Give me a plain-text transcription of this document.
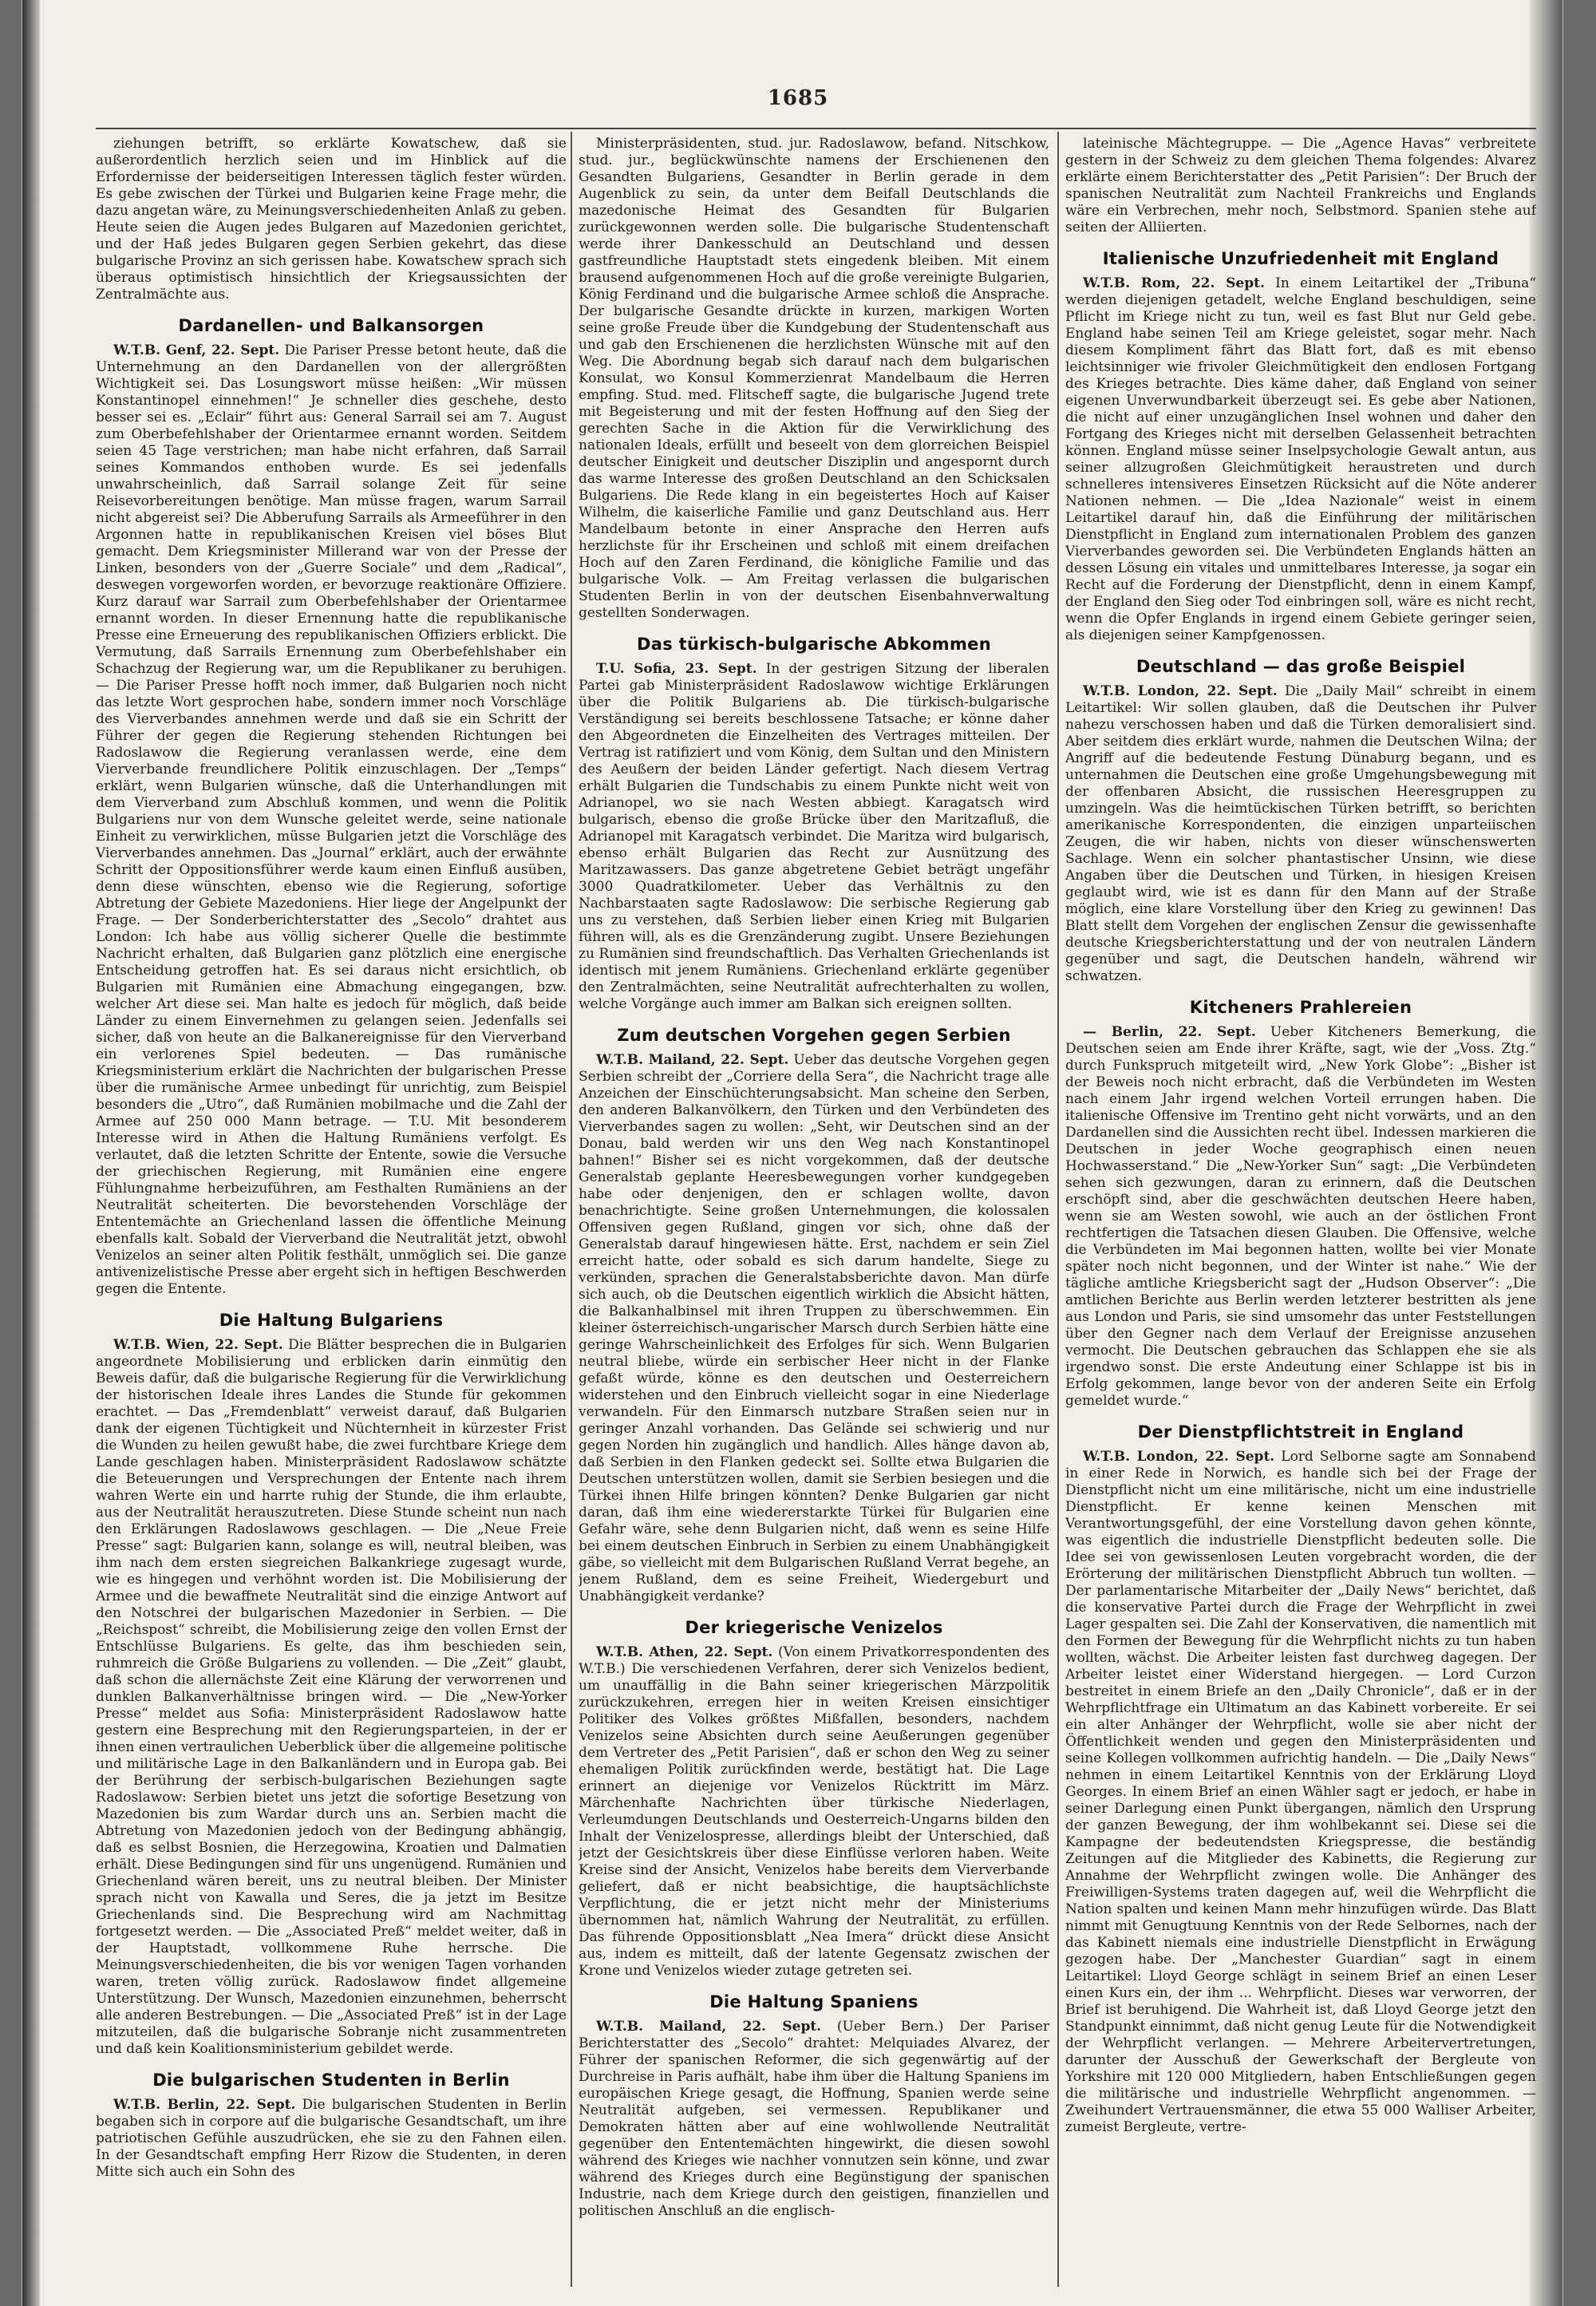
1685

ziehungen betrifft, so erklärte Kowatschew, daß sie außerordentlich herzlich seien und im Hinblick auf die Erfordernisse der beiderseitigen Interessen täglich fester würden. Es gebe zwischen der Türkei und Bulgarien keine Frage mehr, die dazu angetan wäre, zu Meinungsverschiedenheiten Anlaß zu geben. Heute seien die Augen jedes Bulgaren auf Mazedonien gerichtet, und der Haß jedes Bulgaren gegen Serbien gekehrt, das diese bulgarische Provinz an sich gerissen habe. Kowatschew sprach sich überaus optimistisch hinsichtlich der Kriegsaussichten der Zentralmächte aus.

Dardanellen- und Balkansorgen

W.T.B. Genf, 22. Sept. Die Pariser Presse betont heute, daß die Unternehmung an den Dardanellen von der allergrößten Wichtigkeit sei. Das Losungswort müsse heißen: „Wir müssen Konstantinopel einnehmen!“ Je schneller dies geschehe, desto besser sei es. „Eclair“ führt aus: General Sarrail sei am 7. August zum Oberbefehlshaber der Orientarmee ernannt worden. Seitdem seien 45 Tage verstrichen; man habe nicht erfahren, daß Sarrail seines Kommandos enthoben wurde. Es sei jedenfalls unwahrscheinlich, daß Sarrail solange Zeit für seine Reisevorbereitungen benötige. Man müsse fragen, warum Sarrail nicht abgereist sei? Die Abberufung Sarrails als Armeeführer in den Argonnen hatte in republikanischen Kreisen viel böses Blut gemacht. Dem Kriegsminister Millerand war von der Presse der Linken, besonders von der „Guerre Sociale“ und dem „Radical“, deswegen vorgeworfen worden, er bevorzuge reaktionäre Offiziere. Kurz darauf war Sarrail zum Oberbefehlshaber der Orientarmee ernannt worden. In dieser Ernennung hatte die republikanische Presse eine Erneuerung des republikanischen Offiziers erblickt. Die Vermutung, daß Sarrails Ernennung zum Oberbefehlshaber ein Schachzug der Regierung war, um die Republikaner zu beruhigen. — Die Pariser Presse hofft noch immer, daß Bulgarien noch nicht das letzte Wort gesprochen habe, sondern immer noch Vorschläge des Vierverbandes annehmen werde und daß sie ein Schritt der Führer der gegen die Regierung stehenden Richtungen bei Radoslawow die Regierung veranlassen werde, eine dem Vierverbande freundlichere Politik einzuschlagen. Der „Temps“ erklärt, wenn Bulgarien wünsche, daß die Unterhandlungen mit dem Vierverband zum Abschluß kommen, und wenn die Politik Bulgariens nur von dem Wunsche geleitet werde, seine nationale Einheit zu verwirklichen, müsse Bulgarien jetzt die Vorschläge des Vierverbandes annehmen. Das „Journal“ erklärt, auch der erwähnte Schritt der Oppositionsführer werde kaum einen Einfluß ausüben, denn diese wünschten, ebenso wie die Regierung, sofortige Abtretung der Gebiete Mazedoniens. Hier liege der Angelpunkt der Frage. — Der Sonderberichterstatter des „Secolo“ drahtet aus London: Ich habe aus völlig sicherer Quelle die bestimmte Nachricht erhalten, daß Bulgarien ganz plötzlich eine energische Entscheidung getroffen hat. Es sei daraus nicht ersichtlich, ob Bulgarien mit Rumänien eine Abmachung eingegangen, bzw. welcher Art diese sei. Man halte es jedoch für möglich, daß beide Länder zu einem Einvernehmen zu gelangen seien. Jedenfalls sei sicher, daß von heute an die Balkanereignisse für den Vierverband ein verlorenes Spiel bedeuten. — Das rumänische Kriegsministerium erklärt die Nachrichten der bulgarischen Presse über die rumänische Armee unbedingt für unrichtig, zum Beispiel besonders die „Utro“, daß Rumänien mobilmache und die Zahl der Armee auf 250 000 Mann betrage. — T.U. Mit besonderem Interesse wird in Athen die Haltung Rumäniens verfolgt. Es verlautet, daß die letzten Schritte der Entente, sowie die Versuche der griechischen Regierung, mit Rumänien eine engere Fühlungnahme herbeizuführen, am Festhalten Rumäniens an der Neutralität scheiterten. Die bevorstehenden Vorschläge der Ententemächte an Griechenland lassen die öffentliche Meinung ebenfalls kalt. Sobald der Vierverband die Neutralität jetzt, obwohl Venizelos an seiner alten Politik festhält, unmöglich sei. Die ganze antivenizelistische Presse aber ergeht sich in heftigen Beschwerden gegen die Entente.

Die Haltung Bulgariens

W.T.B. Wien, 22. Sept. Die Blätter besprechen die in Bulgarien angeordnete Mobilisierung und erblicken darin einmütig den Beweis dafür, daß die bulgarische Regierung für die Verwirklichung der historischen Ideale ihres Landes die Stunde für gekommen erachtet. — Das „Fremdenblatt“ verweist darauf, daß Bulgarien dank der eigenen Tüchtigkeit und Nüchternheit in kürzester Frist die Wunden zu heilen gewußt habe, die zwei furchtbare Kriege dem Lande geschlagen haben. Ministerpräsident Radoslawow schätzte die Beteuerungen und Versprechungen der Entente nach ihrem wahren Werte ein und harrte ruhig der Stunde, die ihm erlaubte, aus der Neutralität herauszutreten. Diese Stunde scheint nun nach den Erklärungen Radoslawows geschlagen. — Die „Neue Freie Presse“ sagt: Bulgarien kann, solange es will, neutral bleiben, was ihm nach dem ersten siegreichen Balkankriege zugesagt wurde, wie es hingegen und verhöhnt worden ist. Die Mobilisierung der Armee und die bewaffnete Neutralität sind die einzige Antwort auf den Notschrei der bulgarischen Mazedonier in Serbien. — Die „Reichspost“ schreibt, die Mobilisierung zeige den vollen Ernst der Entschlüsse Bulgariens. Es gelte, das ihm beschieden sein, ruhmreich die Größe Bulgariens zu vollenden. — Die „Zeit“ glaubt, daß schon die allernächste Zeit eine Klärung der verworrenen und dunklen Balkanverhältnisse bringen wird. — Die „New-Yorker Presse“ meldet aus Sofia: Ministerpräsident Radoslawow hatte gestern eine Besprechung mit den Regierungsparteien, in der er ihnen einen vertraulichen Ueberblick über die allgemeine politische und militärische Lage in den Balkanländern und in Europa gab. Bei der Berührung der serbisch-bulgarischen Beziehungen sagte Radoslawow: Serbien bietet uns jetzt die sofortige Besetzung von Mazedonien bis zum Wardar durch uns an. Serbien macht die Abtretung von Mazedonien jedoch von der Bedingung abhängig, daß es selbst Bosnien, die Herzegowina, Kroatien und Dalmatien erhält. Diese Bedingungen sind für uns ungenügend. Rumänien und Griechenland wären bereit, uns zu neutral bleiben. Der Minister sprach nicht von Kawalla und Seres, die ja jetzt im Besitze Griechenlands sind. Die Besprechung wird am Nachmittag fortgesetzt werden. — Die „Associated Preß“ meldet weiter, daß in der Hauptstadt, vollkommene Ruhe herrsche. Die Meinungsverschiedenheiten, die bis vor wenigen Tagen vorhanden waren, treten völlig zurück. Radoslawow findet allgemeine Unterstützung. Der Wunsch, Mazedonien einzunehmen, beherrscht alle anderen Bestrebungen. — Die „Associated Preß“ ist in der Lage mitzuteilen, daß die bulgarische Sobranje nicht zusammentreten und daß kein Koalitionsministerium gebildet werde.

Die bulgarischen Studenten in Berlin

W.T.B. Berlin, 22. Sept. Die bulgarischen Studenten in Berlin begaben sich in corpore auf die bulgarische Gesandtschaft, um ihre patriotischen Gefühle auszudrücken, ehe sie zu den Fahnen eilen. In der Gesandtschaft empfing Herr Rizow die Studenten, in deren Mitte sich auch ein Sohn des

Ministerpräsidenten, stud. jur. Radoslawow, befand. Nitschkow, stud. jur., beglückwünschte namens der Erschienenen den Gesandten Bulgariens, Gesandter in Berlin gerade in dem Augenblick zu sein, da unter dem Beifall Deutschlands die mazedonische Heimat des Gesandten für Bulgarien zurückgewonnen werden solle. Die bulgarische Studentenschaft werde ihrer Dankesschuld an Deutschland und dessen gastfreundliche Hauptstadt stets eingedenk bleiben. Mit einem brausend aufgenommenen Hoch auf die große vereinigte Bulgarien, König Ferdinand und die bulgarische Armee schloß die Ansprache. Der bulgarische Gesandte drückte in kurzen, markigen Worten seine große Freude über die Kundgebung der Studentenschaft aus und gab den Erschienenen die herzlichsten Wünsche mit auf den Weg. Die Abordnung begab sich darauf nach dem bulgarischen Konsulat, wo Konsul Kommerzienrat Mandelbaum die Herren empfing. Stud. med. Flitscheff sagte, die bulgarische Jugend trete mit Begeisterung und mit der festen Hoffnung auf den Sieg der gerechten Sache in die Aktion für die Verwirklichung des nationalen Ideals, erfüllt und beseelt von dem glorreichen Beispiel deutscher Einigkeit und deutscher Disziplin und angespornt durch das warme Interesse des großen Deutschland an den Schicksalen Bulgariens. Die Rede klang in ein begeistertes Hoch auf Kaiser Wilhelm, die kaiserliche Familie und ganz Deutschland aus. Herr Mandelbaum betonte in einer Ansprache den Herren aufs herzlichste für ihr Erscheinen und schloß mit einem dreifachen Hoch auf den Zaren Ferdinand, die königliche Familie und das bulgarische Volk. — Am Freitag verlassen die bulgarischen Studenten Berlin in von der deutschen Eisenbahnverwaltung gestellten Sonderwagen.

Das türkisch-bulgarische Abkommen

T.U. Sofia, 23. Sept. In der gestrigen Sitzung der liberalen Partei gab Ministerpräsident Radoslawow wichtige Erklärungen über die Politik Bulgariens ab. Die türkisch-bulgarische Verständigung sei bereits beschlossene Tatsache; er könne daher den Abgeordneten die Einzelheiten des Vertrages mitteilen. Der Vertrag ist ratifiziert und vom König, dem Sultan und den Ministern des Aeußern der beiden Länder gefertigt. Nach diesem Vertrag erhält Bulgarien die Tundschabis zu einem Punkte nicht weit von Adrianopel, wo sie nach Westen abbiegt. Karagatsch wird bulgarisch, ebenso die große Brücke über den Maritzafluß, die Adrianopel mit Karagatsch verbindet. Die Maritza wird bulgarisch, ebenso erhält Bulgarien das Recht zur Ausnützung des Maritzawassers. Das ganze abgetretene Gebiet beträgt ungefähr 3000 Quadratkilometer. Ueber das Verhältnis zu den Nachbarstaaten sagte Radoslawow: Die serbische Regierung gab uns zu verstehen, daß Serbien lieber einen Krieg mit Bulgarien führen will, als es die Grenzänderung zugibt. Unsere Beziehungen zu Rumänien sind freundschaftlich. Das Verhalten Griechenlands ist identisch mit jenem Rumäniens. Griechenland erklärte gegenüber den Zentralmächten, seine Neutralität aufrechterhalten zu wollen, welche Vorgänge auch immer am Balkan sich ereignen sollten.

Zum deutschen Vorgehen gegen Serbien

W.T.B. Mailand, 22. Sept. Ueber das deutsche Vorgehen gegen Serbien schreibt der „Corriere della Sera“, die Nachricht trage alle Anzeichen der Einschüchterungsabsicht. Man scheine den Serben, den anderen Balkanvölkern, den Türken und den Verbündeten des Vierverbandes sagen zu wollen: „Seht, wir Deutschen sind an der Donau, bald werden wir uns den Weg nach Konstantinopel bahnen!“ Bisher sei es nicht vorgekommen, daß der deutsche Generalstab geplante Heeresbewegungen vorher kundgegeben habe oder denjenigen, den er schlagen wollte, davon benachrichtigte. Seine großen Unternehmungen, die kolossalen Offensiven gegen Rußland, gingen vor sich, ohne daß der Generalstab darauf hingewiesen hätte. Erst, nachdem er sein Ziel erreicht hatte, oder sobald es sich darum handelte, Siege zu verkünden, sprachen die Generalstabsberichte davon. Man dürfe sich auch, ob die Deutschen eigentlich wirklich die Absicht hätten, die Balkanhalbinsel mit ihren Truppen zu überschwemmen. Ein kleiner österreichisch-ungarischer Marsch durch Serbien hätte eine geringe Wahrscheinlichkeit des Erfolges für sich. Wenn Bulgarien neutral bliebe, würde ein serbischer Heer nicht in der Flanke gefaßt würde, könne es den deutschen und Oesterreichern widerstehen und den Einbruch vielleicht sogar in eine Niederlage verwandeln. Für den Einmarsch nutzbare Straßen seien nur in geringer Anzahl vorhanden. Das Gelände sei schwierig und nur gegen Norden hin zugänglich und handlich. Alles hänge davon ab, daß Serbien in den Flanken gedeckt sei. Sollte etwa Bulgarien die Deutschen unterstützen wollen, damit sie Serbien besiegen und die Türkei ihnen Hilfe bringen könnten? Denke Bulgarien gar nicht daran, daß ihm eine wiedererstarkte Türkei für Bulgarien eine Gefahr wäre, sehe denn Bulgarien nicht, daß wenn es seine Hilfe bei einem deutschen Einbruch in Serbien zu einem Unabhängigkeit gäbe, so vielleicht mit dem Bulgarischen Rußland Verrat begehe, an jenem Rußland, dem es seine Freiheit, Wiedergeburt und Unabhängigkeit verdanke?

Der kriegerische Venizelos

W.T.B. Athen, 22. Sept. (Von einem Privatkorrespondenten des W.T.B.) Die verschiedenen Verfahren, derer sich Venizelos bedient, um unauffällig in die Bahn seiner kriegerischen Märzpolitik zurückzukehren, erregen hier in weiten Kreisen einsichtiger Politiker des Volkes größtes Mißfallen, besonders, nachdem Venizelos seine Absichten durch seine Aeußerungen gegenüber dem Vertreter des „Petit Parisien“, daß er schon den Weg zu seiner ehemaligen Politik zurückfinden werde, bestätigt hat. Die Lage erinnert an diejenige vor Venizelos Rücktritt im März. Märchenhafte Nachrichten über türkische Niederlagen, Verleumdungen Deutschlands und Oesterreich-Ungarns bilden den Inhalt der Venizelospresse, allerdings bleibt der Unterschied, daß jetzt der Gesichtskreis über diese Einflüsse verloren haben. Weite Kreise sind der Ansicht, Venizelos habe bereits dem Vierverbande geliefert, daß er nicht beabsichtige, die hauptsächlichste Verpflichtung, die er jetzt nicht mehr der Ministeriums übernommen hat, nämlich Wahrung der Neutralität, zu erfüllen. Das führende Oppositionsblatt „Nea Imera“ drückt diese Ansicht aus, indem es mitteilt, daß der latente Gegensatz zwischen der Krone und Venizelos wieder zutage getreten sei.

Die Haltung Spaniens

W.T.B. Mailand, 22. Sept. (Ueber Bern.) Der Pariser Berichterstatter des „Secolo“ drahtet: Melquiades Alvarez, der Führer der spanischen Reformer, die sich gegenwärtig auf der Durchreise in Paris aufhält, habe ihm über die Haltung Spaniens im europäischen Kriege gesagt, die Hoffnung, Spanien werde seine Neutralität aufgeben, sei vermessen. Republikaner und Demokraten hätten aber auf eine wohlwollende Neutralität gegenüber den Ententemächten hingewirkt, die diesen sowohl während des Krieges wie nachher vonnutzen sein könne, und zwar während des Krieges durch eine Begünstigung der spanischen Industrie, nach dem Kriege durch den geistigen, finanziellen und politischen Anschluß an die englisch-

lateinische Mächtegruppe. — Die „Agence Havas“ verbreitete gestern in der Schweiz zu dem gleichen Thema folgendes: Alvarez erklärte einem Berichterstatter des „Petit Parisien“: Der Bruch der spanischen Neutralität zum Nachteil Frankreichs und Englands wäre ein Verbrechen, mehr noch, Selbstmord. Spanien stehe auf seiten der Alliierten.

Italienische Unzufriedenheit mit England

W.T.B. Rom, 22. Sept. In einem Leitartikel der „Tribuna“ werden diejenigen getadelt, welche England beschuldigen, seine Pflicht im Kriege nicht zu tun, weil es fast Blut nur Geld gebe. England habe seinen Teil am Kriege geleistet, sogar mehr. Nach diesem Kompliment fährt das Blatt fort, daß es mit ebenso leichtsinniger wie frivoler Gleichmütigkeit den endlosen Fortgang des Krieges betrachte. Dies käme daher, daß England von seiner eigenen Unverwundbarkeit überzeugt sei. Es gebe aber Nationen, die nicht auf einer unzugänglichen Insel wohnen und daher den Fortgang des Krieges nicht mit derselben Gelassenheit betrachten können. England müsse seiner Inselpsychologie Gewalt antun, aus seiner allzugroßen Gleichmütigkeit heraustreten und durch schnelleres intensiveres Einsetzen Rücksicht auf die Nöte anderer Nationen nehmen. — Die „Idea Nazionale“ weist in einem Leitartikel darauf hin, daß die Einführung der militärischen Dienstpflicht in England zum internationalen Problem des ganzen Vierverbandes geworden sei. Die Verbündeten Englands hätten an dessen Lösung ein vitales und unmittelbares Interesse, ja sogar ein Recht auf die Forderung der Dienstpflicht, denn in einem Kampf, der England den Sieg oder Tod einbringen soll, wäre es nicht recht, wenn die Opfer Englands in irgend einem Gebiete geringer seien, als diejenigen seiner Kampfgenossen.

Deutschland — das große Beispiel

W.T.B. London, 22. Sept. Die „Daily Mail“ schreibt in einem Leitartikel: Wir sollen glauben, daß die Deutschen ihr Pulver nahezu verschossen haben und daß die Türken demoralisiert sind. Aber seitdem dies erklärt wurde, nahmen die Deutschen Wilna; der Angriff auf die bedeutende Festung Dünaburg begann, und es unternahmen die Deutschen eine große Umgehungsbewegung mit der offenbaren Absicht, die russischen Heeresgruppen zu umzingeln. Was die heimtückischen Türken betrifft, so berichten amerikanische Korrespondenten, die einzigen unparteiischen Zeugen, die wir haben, nichts von dieser wünschenswerten Sachlage. Wenn ein solcher phantastischer Unsinn, wie diese Angaben über die Deutschen und Türken, in hiesigen Kreisen geglaubt wird, wie ist es dann für den Mann auf der Straße möglich, eine klare Vorstellung über den Krieg zu gewinnen! Das Blatt stellt dem Vorgehen der englischen Zensur die gewissenhafte deutsche Kriegsberichterstattung und der von neutralen Ländern gegenüber und sagt, die Deutschen handeln, während wir schwatzen.

Kitcheners Prahlereien

— Berlin, 22. Sept. Ueber Kitcheners Bemerkung, die Deutschen seien am Ende ihrer Kräfte, sagt, wie der „Voss. Ztg.“ durch Funkspruch mitgeteilt wird, „New York Globe“: „Bisher ist der Beweis noch nicht erbracht, daß die Verbündeten im Westen nach einem Jahr irgend welchen Vorteil errungen haben. Die italienische Offensive im Trentino geht nicht vorwärts, und an den Dardanellen sind die Aussichten recht übel. Indessen markieren die Deutschen in jeder Woche geographisch einen neuen Hochwasserstand.“ Die „New-Yorker Sun“ sagt: „Die Verbündeten sehen sich gezwungen, daran zu erinnern, daß die Deutschen erschöpft sind, aber die geschwächten deutschen Heere haben, wenn sie am Westen sowohl, wie auch an der östlichen Front rechtfertigen die Tatsachen diesen Glauben. Die Offensive, welche die Verbündeten im Mai begonnen hatten, wollte bei vier Monate später noch nicht begonnen, und der Winter ist nahe.“ Wie der tägliche amtliche Kriegsbericht sagt der „Hudson Observer“: „Die amtlichen Berichte aus Berlin werden letzterer bestritten als jene aus London und Paris, sie sind umsomehr das unter Feststellungen über den Gegner nach dem Verlauf der Ereignisse anzusehen vermocht. Die Deutschen gebrauchen das Schlappen ehe sie als irgendwo sonst. Die erste Andeutung einer Schlappe ist bis in Erfolg gekommen, lange bevor von der anderen Seite ein Erfolg gemeldet wurde.“

Der Dienstpflichtstreit in England

W.T.B. London, 22. Sept. Lord Selborne sagte am Sonnabend in einer Rede in Norwich, es handle sich bei der Frage der Dienstpflicht nicht um eine militärische, nicht um eine industrielle Dienstpflicht. Er kenne keinen Menschen mit Verantwortungsgefühl, der eine Vorstellung davon gehen könnte, was eigentlich die industrielle Dienstpflicht bedeuten solle. Die Idee sei von gewissenlosen Leuten vorgebracht worden, die der Erörterung der militärischen Dienstpflicht Abbruch tun wollten. — Der parlamentarische Mitarbeiter der „Daily News“ berichtet, daß die konservative Partei durch die Frage der Wehrpflicht in zwei Lager gespalten sei. Die Zahl der Konservativen, die namentlich mit den Formen der Bewegung für die Wehrpflicht nichts zu tun haben wollten, wächst. Die Arbeiter leisten fast durchweg dagegen. Der Arbeiter leistet einer Widerstand hiergegen. — Lord Curzon bestreitet in einem Briefe an den „Daily Chronicle“, daß er in der Wehrpflichtfrage ein Ultimatum an das Kabinett vorbereite. Er sei ein alter Anhänger der Wehrpflicht, wolle sie aber nicht der Öffentlichkeit wenden und gegen den Ministerpräsidenten und seine Kollegen vollkommen aufrichtig handeln. — Die „Daily News“ nehmen in einem Leitartikel Kenntnis von der Erklärung Lloyd Georges. In einem Brief an einen Wähler sagt er jedoch, er habe in seiner Darlegung einen Punkt übergangen, nämlich den Ursprung der ganzen Bewegung, der ihm wohlbekannt sei. Diese sei die Kampagne der bedeutendsten Kriegspresse, die beständig Zeitungen auf die Mitglieder des Kabinetts, die Regierung zur Annahme der Wehrpflicht zwingen wolle. Die Anhänger des Freiwilligen-Systems traten dagegen auf, weil die Wehrpflicht die Nation spalten und keinen Mann mehr hinzufügen würde. Das Blatt nimmt mit Genugtuung Kenntnis von der Rede Selbornes, nach der das Kabinett niemals eine industrielle Dienstpflicht in Erwägung gezogen habe. Der „Manchester Guardian“ sagt in einem Leitartikel: Lloyd George schlägt in seinem Brief an einen Leser einen Kurs ein, der ihm ... Wehrpflicht. Dieses war verworren, der Brief ist beruhigend. Die Wahrheit ist, daß Lloyd George jetzt den Standpunkt einnimmt, daß nicht genug Leute für die Notwendigkeit der Wehrpflicht verlangen. — Mehrere Arbeitervertretungen, darunter der Ausschuß der Gewerkschaft der Bergleute von Yorkshire mit 120 000 Mitgliedern, haben Entschließungen gegen die militärische und industrielle Wehrpflicht angenommen. — Zweihundert Vertrauensmänner, die etwa 55 000 Walliser Arbeiter, zumeist Bergleute, vertre-
